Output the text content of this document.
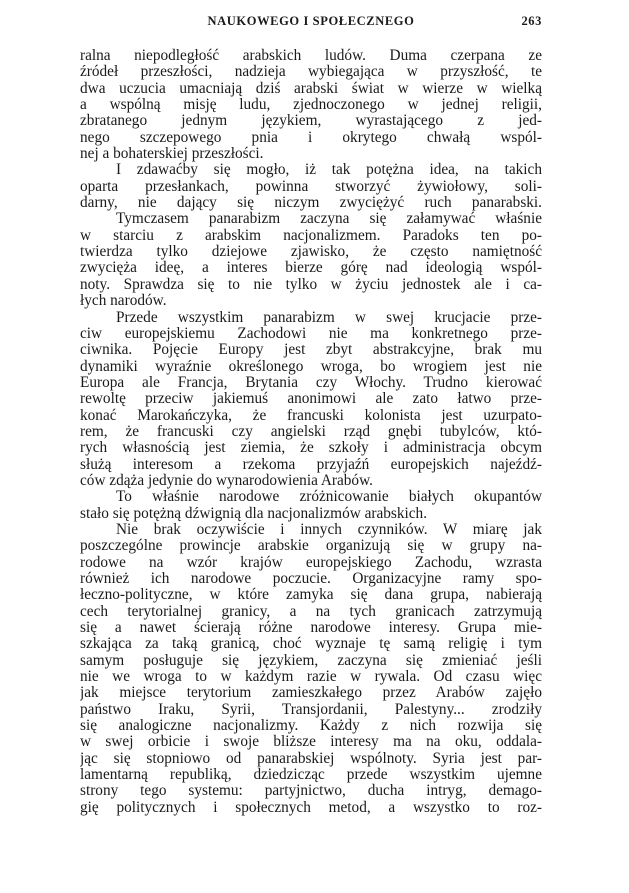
NAUKOWEGO I SPOŁECZNEGO	263
ralna niepodległość arabskich ludów. Duma czerpana ze
źródeł przeszłości, nadzieja wybiegająca w przyszłość, te
dwa uczucia umacniają dziś arabski świat w wierze w wielką
a wspólną misję ludu, zjednoczonego w jednej religii,
zbratanego jednym językiem, wyrastającego z jed-
nego szczepowego pnia i okrytego chwałą wspól-
nej a bohaterskiej przeszłości.
I zdawaćby się mogło, iż tak potężna idea, na takich
oparta przesłankach, powinna stworzyć żywiołowy, soli-
darny, nie dający się niczym zwyciężyć ruch panarabski.
Tymczasem panarabizm zaczyna się załamywać właśnie
w starciu z arabskim nacjonalizmem. Paradoks ten po-
twierdza tylko dziejowe zjawisko, że często namiętność
zwycięża ideę, a interes bierze górę nad ideologią wspól-
noty. Sprawdza się to nie tylko w życiu jednostek ale i ca-
łych narodów.
Przede wszystkim panarabizm w swej krucjacie prze-
ciw europejskiemu Zachodowi nie ma konkretnego prze-
ciwnika. Pojęcie Europy jest zbyt abstrakcyjne, brak mu
dynamiki wyraźnie określonego wroga, bo wrogiem jest nie
Europa ale Francja, Brytania czy Włochy. Trudno kierować
rewoltę przeciw jakiemuś anonimowi ale zato łatwo prze-
konać Marokańczyka, że francuski kolonista jest uzurpato-
rem, że francuski czy angielski rząd gnębi tubylców, któ-
rych własnością jest ziemia, że szkoły i administracja obcym
służą interesom a rzekoma przyjaźń europejskich najeźdź-
ców zdąża jedynie do wynarodowienia Arabów.
To właśnie narodowe zróżnicowanie białych okupantów
stało się potężną dźwignią dla nacjonalizmów arabskich.
Nie brak oczywiście i innych czynników. W miarę jak
poszczególne prowincje arabskie organizują się w grupy na-
rodowe na wzór krajów europejskiego Zachodu, wzrasta
również ich narodowe poczucie. Organizacyjne ramy spo-
łeczno-polityczne, w które zamyka się dana grupa, nabierają
cech terytorialnej granicy, a na tych granicach zatrzymują
się a nawet ścierają różne narodowe interesy. Grupa mie-
szkająca za taką granicą, choć wyznaje tę samą religię i tym
samym posługuje się językiem, zaczyna się zmieniać jeśli
nie we wroga to w każdym razie w rywala. Od czasu więc
jak miejsce terytorium zamieszkałego przez Arabów zajęło
państwo Iraku, Syrii, Transjordanii, Palestyny... zrodziły
się analogiczne nacjonalizmy. Każdy z nich rozwija się
w swej orbicie i swoje bliższe interesy ma na oku, oddala-
jąc się stopniowo od panarabskiej wspólnoty. Syria jest par-
lamentarną republiką, dziedzicząc przede wszystkim ujemne
strony tego systemu: partyjnictwo, ducha intryg, demago-
gię politycznych i społecznych metod, a wszystko to roz-
